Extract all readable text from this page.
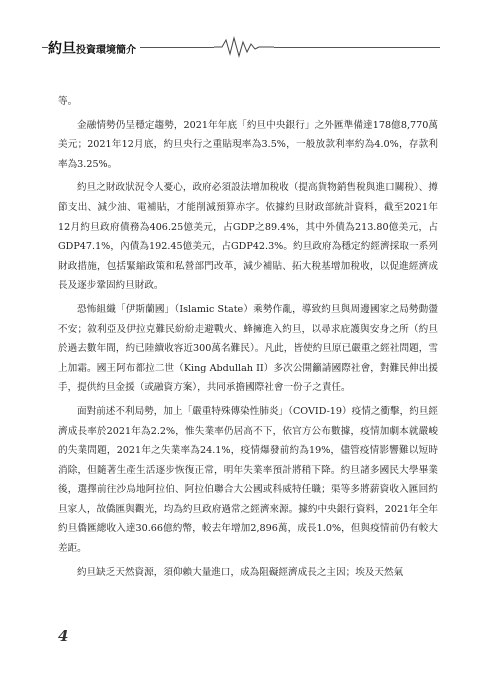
約旦投資環境簡介

等。

金融情勢仍呈穩定趨勢，2021年年底「約旦中央銀行」之外匯準備達178億8,770萬美元；2021年12月底，約旦央行之重貼現率為3.5%，一般放款利率約為4.0%，存款利率為3.25%。

約旦之財政狀況令人憂心，政府必須設法增加稅收（提高貨物銷售稅與進口關稅）、撙節支出、減少油、電補貼，才能削減預算赤字。依據約旦財政部統計資料，截至2021年12月約旦政府債務為406.25億美元，占GDP之89.4%，其中外債為213.80億美元，占GDP47.1%，內債為192.45億美元，占GDP42.3%。約旦政府為穩定約經濟採取一系列財政措施，包括緊縮政策和私營部門改革，減少補貼、拓大稅基增加稅收，以促進經濟成長及逐步鞏固約旦財政。

恐怖組織「伊斯蘭國」（Islamic State）乘勢作亂，導致約旦與周邊國家之局勢動盪不安；敘利亞及伊拉克難民紛紛走避戰火、蜂擁進入約旦，以尋求庇護與安身之所（約旦於過去數年間，約已陸續收容近300萬名難民）。凡此，皆使約旦原已嚴重之經社問題，雪上加霜。國王阿布都拉二世（King Abdullah II）多次公開籲請國際社會，對難民伸出援手，提供約旦金援（或融資方案），共同承擔國際社會一份子之責任。

面對前述不利局勢，加上「嚴重特殊傳染性肺炎」（COVID-19）疫情之衝擊，約旦經濟成長率於2021年為2.2%，惟失業率仍居高不下，依官方公布數據，疫情加劇本就嚴峻的失業問題，2021年之失業率為24.1%，疫情爆發前約為19%，儘管疫情影響難以短時消除，但隨著生產生活逐步恢復正常，明年失業率預計將稍下降。約旦諸多國民大學畢業後，選擇前往沙烏地阿拉伯、阿拉伯聯合大公國或科威特任職；渠等多將薪資收入匯回約旦家人，故僑匯與觀光，均為約旦政府過常之經濟來源。據約中央銀行資料，2021年全年約旦僑匯總收入達30.66億約幣，較去年增加2,896萬，成長1.0%，但與疫情前仍有較大差距。

約旦缺乏天然資源，須仰賴大量進口，成為阻礙經濟成長之主因；埃及天然氣

4
